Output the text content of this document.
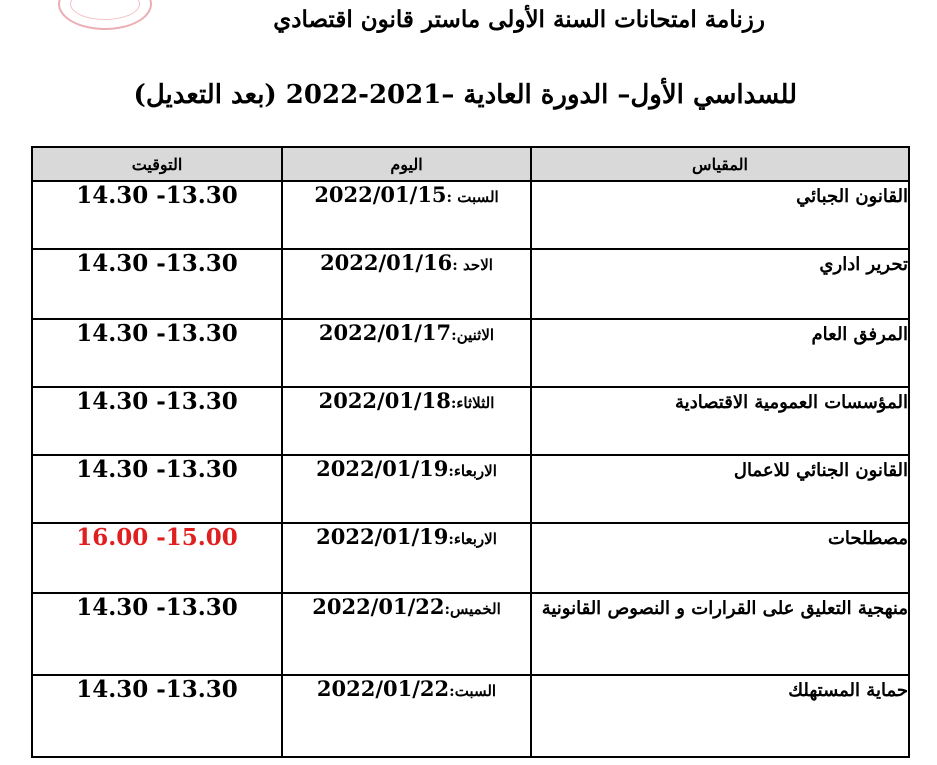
رزنامة امتحانات السنة الأولى ماستر قانون اقتصادي
للسداسي الأول– الدورة العادية –2021-2022 (بعد التعديل)
المقياس	اليوم	التوقيت
القانون الجبائي	السبت :2022/01/15	13.30- 14.30
تحرير اداري	الاحد :2022/01/16	13.30- 14.30
المرفق العام	الاثنين:2022/01/17	13.30- 14.30
المؤسسات العمومية الاقتصادية	الثلاثاء:2022/01/18	13.30- 14.30
القانون الجنائي للاعمال	الاربعاء:2022/01/19	13.30- 14.30
مصطلحات	الاربعاء:2022/01/19	15.00- 16.00
منهجية التعليق على القرارات و النصوص القانونية	الخميس:2022/01/22	13.30- 14.30
حماية المستهلك	السبت:2022/01/22	13.30- 14.30
